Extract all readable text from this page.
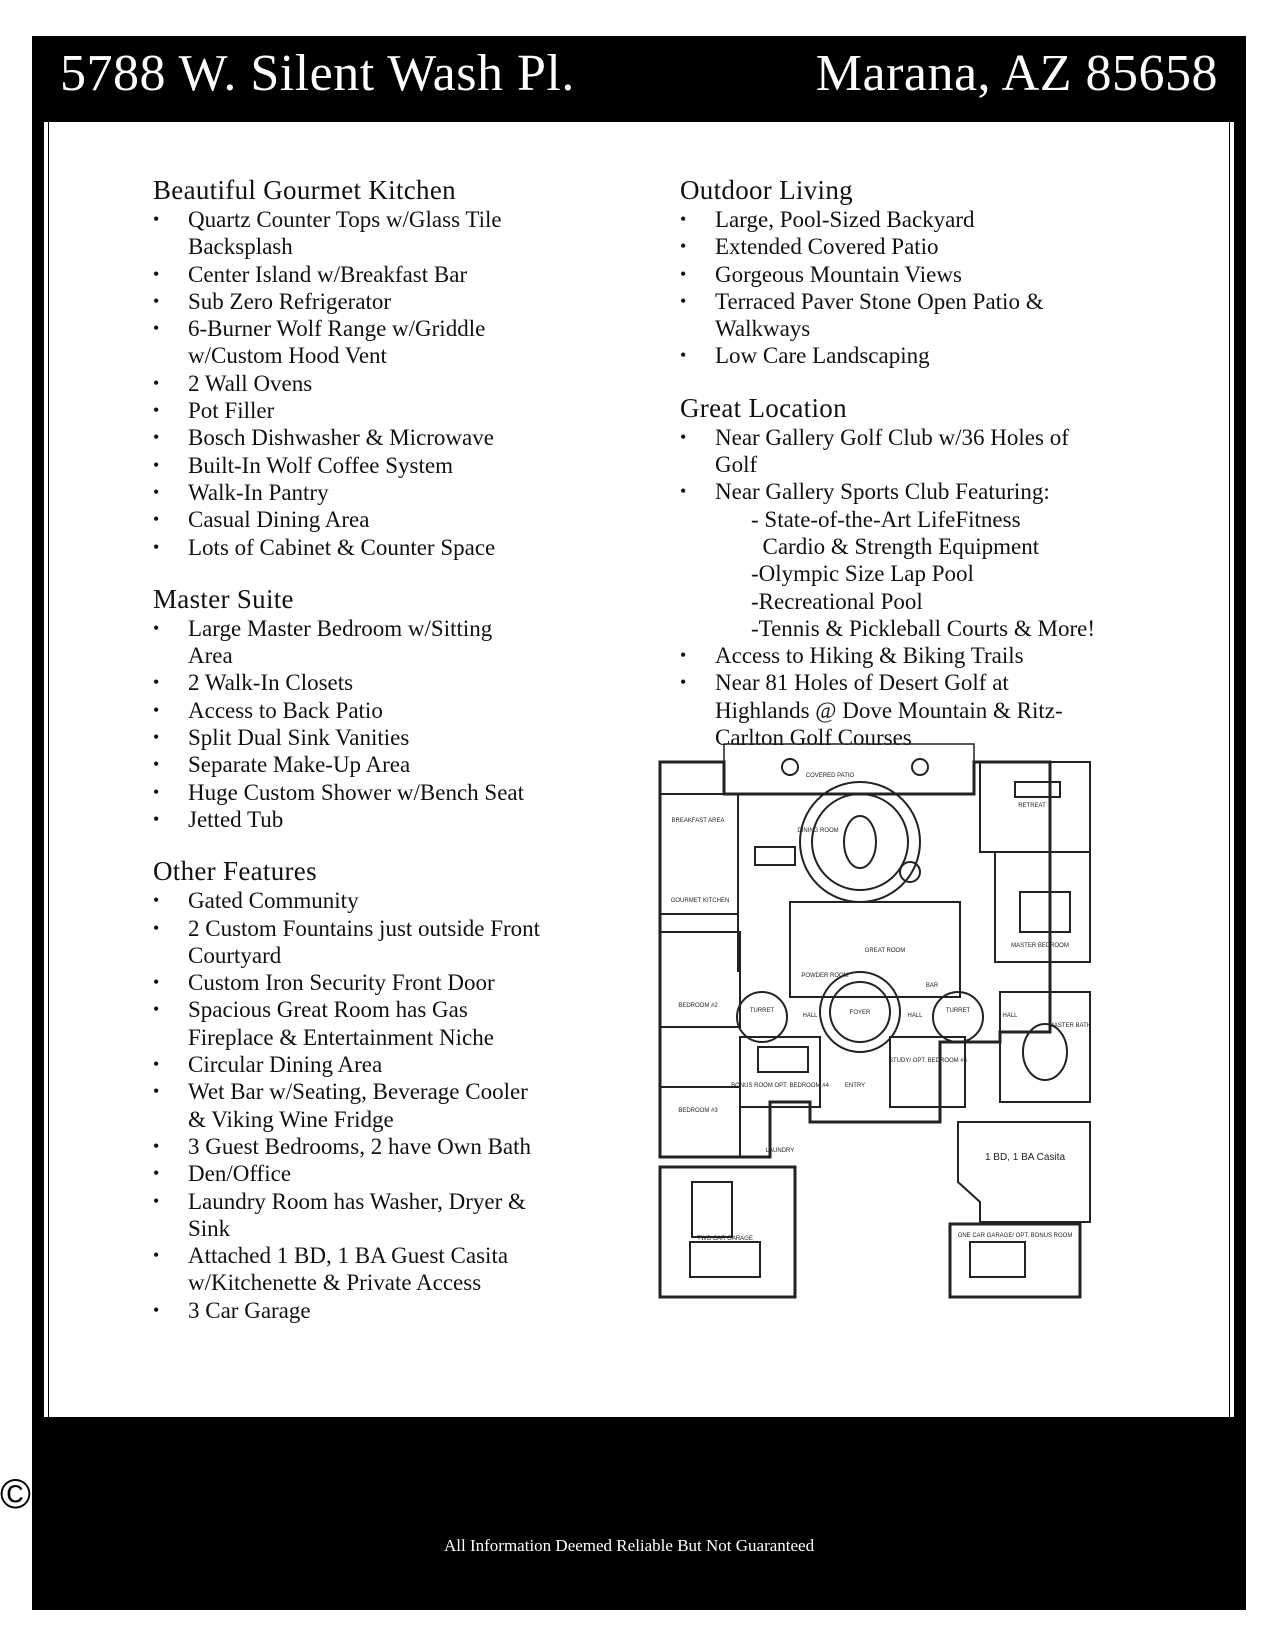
5788 W. Silent Wash Pl.	Marana, AZ 85658
Beautiful Gourmet Kitchen
• Quartz Counter Tops w/Glass Tile
Backsplash
• Center Island w/Breakfast Bar
• Sub Zero Refrigerator
• 6-Burner Wolf Range w/Griddle
w/Custom Hood Vent
• 2 Wall Ovens
• Pot Filler
• Bosch Dishwasher & Microwave
• Built-In Wolf Coffee System
• Walk-In Pantry
• Casual Dining Area
• Lots of Cabinet & Counter Space
Master Suite
• Large Master Bedroom w/Sitting
Area
• 2 Walk-In Closets
• Access to Back Patio
• Split Dual Sink Vanities
• Separate Make-Up Area
• Huge Custom Shower w/Bench Seat
• Jetted Tub
Other Features
• Gated Community
• 2 Custom Fountains just outside Front
Courtyard
• Custom Iron Security Front Door
• Spacious Great Room has Gas
Fireplace & Entertainment Niche
• Circular Dining Area
• Wet Bar w/Seating, Beverage Cooler
& Viking Wine Fridge
• 3 Guest Bedrooms, 2 have Own Bath
• Den/Office
• Laundry Room has Washer, Dryer &
Sink
• Attached 1 BD, 1 BA Guest Casita
w/Kitchenette & Private Access
• 3 Car Garage
Outdoor Living
• Large, Pool-Sized Backyard
• Extended Covered Patio
• Gorgeous Mountain Views
• Terraced Paver Stone Open Patio &
Walkways
• Low Care Landscaping
Great Location
• Near Gallery Golf Club w/36 Holes of
Golf
• Near Gallery Sports Club Featuring:
- State-of-the-Art LifeFitness
Cardio & Strength Equipment
-Olympic Size Lap Pool
-Recreational Pool
-Tennis & Pickleball Courts & More!
• Access to Hiking & Biking Trails
• Near 81 Holes of Desert Golf at
Highlands @ Dove Mountain & Ritz-
Carlton Golf Courses
COVERED PATIO
BREAKFAST AREA
DINING ROOM
RETREAT
GOURMET KITCHEN
GREAT ROOM
MASTER BEDROOM
BEDROOM #2
FOYER
TURRET	TURRET
HALL	HALL	HALL
BAR
POWDER ROOM
STUDY/ OPT. BEDROOM #5
MASTER BATH
BONUS ROOM OPT. BEDROOM #4
BEDROOM #3
ENTRY
LAUNDRY
TWO CAR GARAGE	ONE CAR GARAGE/ OPT. BONUS ROOM
1 BD, 1 BA Casita
All Information Deemed Reliable But Not Guaranteed
©2023 MLSSAZ
